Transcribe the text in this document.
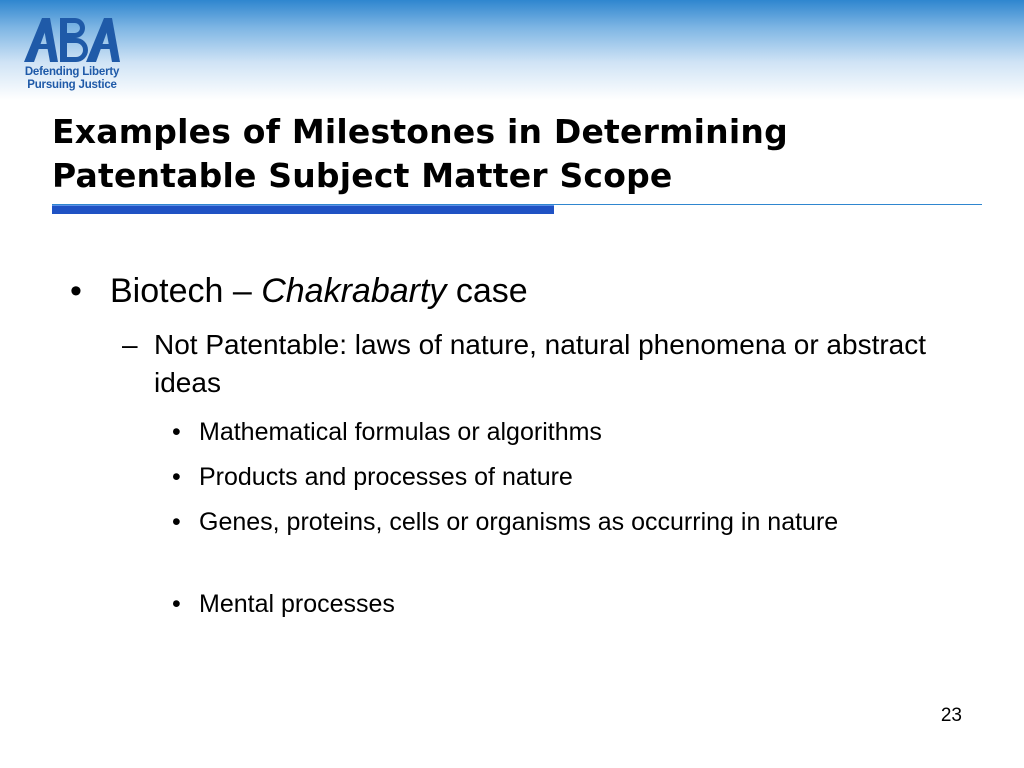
Defending Liberty
Pursuing Justice
Examples of Milestones in Determining
Patentable Subject Matter Scope
• Biotech – Chakrabarty case
– Not Patentable: laws of nature, natural phenomena or abstract ideas
• Mathematical formulas or algorithms
• Products and processes of nature
• Genes, proteins, cells or organisms as occurring in nature
• Mental processes
23
